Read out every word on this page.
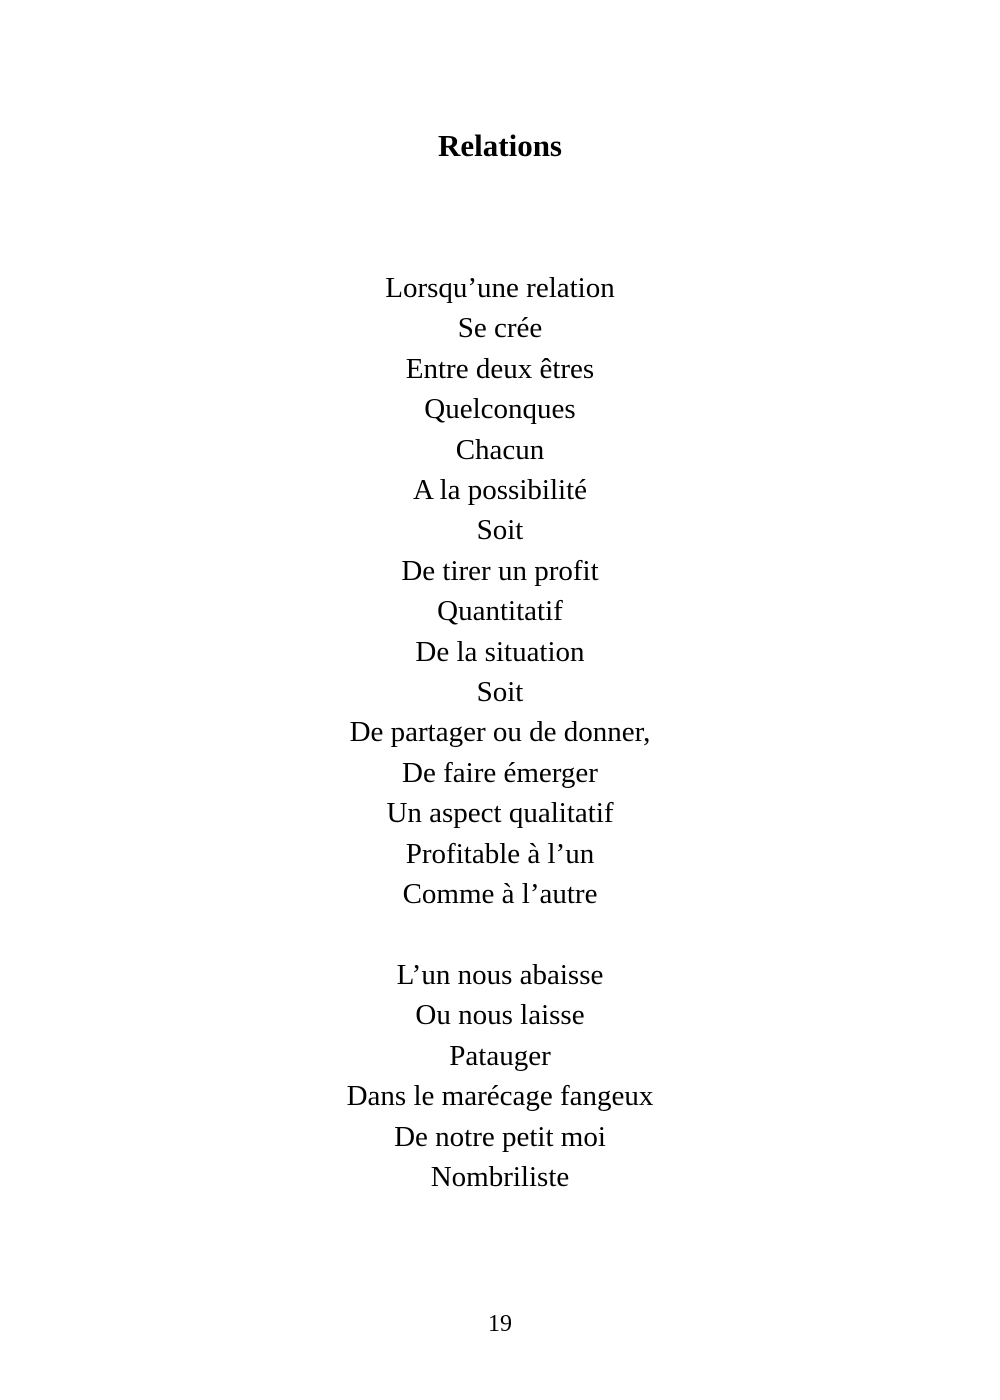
Relations
Lorsqu’une relation
Se crée
Entre deux êtres
Quelconques
Chacun
A la possibilité
Soit
De tirer un profit
Quantitatif
De la situation
Soit
De partager ou de donner,
De faire émerger
Un aspect qualitatif
Profitable à l’un
Comme à l’autre
L’un nous abaisse
Ou nous laisse
Patauger
Dans le marécage fangeux
De notre petit moi
Nombriliste
19
